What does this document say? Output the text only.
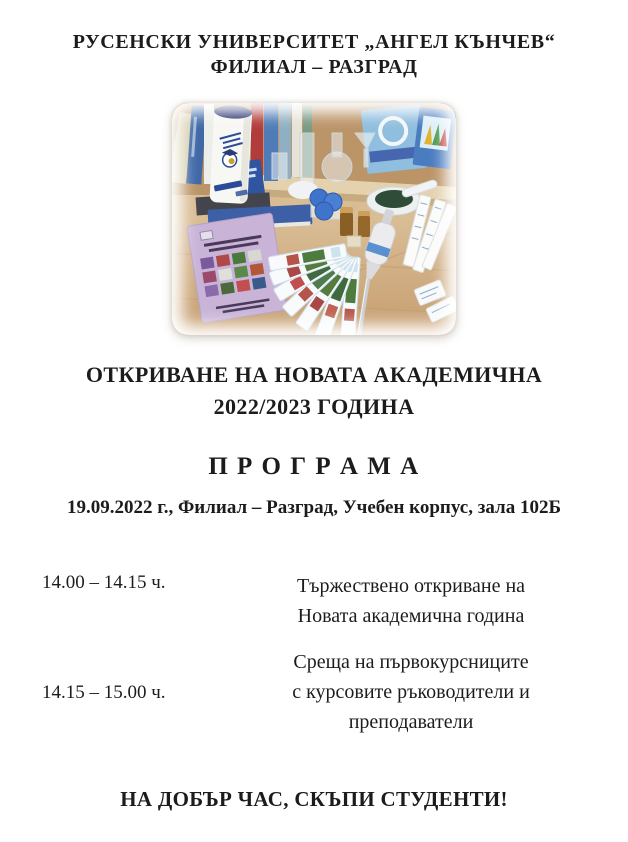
РУСЕНСКИ УНИВЕРСИТЕТ „АНГЕЛ КЪНЧЕВ“
ФИЛИАЛ – РАЗГРАД
ОТКРИВАНЕ НА НОВАТА АКАДЕМИЧНА
2022/2023 ГОДИНА
П Р О Г Р А М А
19.09.2022 г., Филиал – Разград, Учебен корпус, зала 102Б
14.00 – 14.15 ч.	Тържествено откриване на
Новата академична година
14.15 – 15.00 ч.
Среща на първокурсниците
с курсовите ръководители и
преподаватели
НА ДОБЪР ЧАС, СКЪПИ СТУДЕНТИ!
